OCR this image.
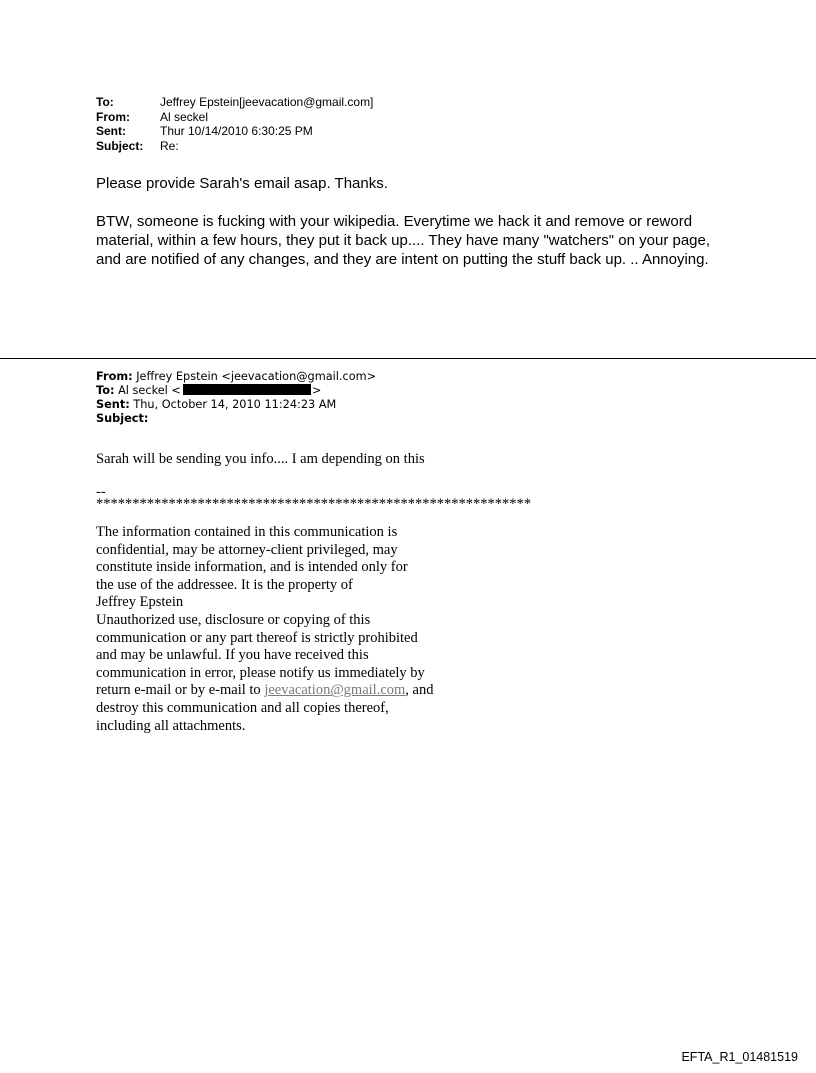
To:	Jeffrey Epstein[jeevacation@gmail.com]
From:	Al seckel
Sent:	Thur 10/14/2010 6:30:25 PM
Subject:	Re:

Please provide Sarah's email asap. Thanks.

BTW, someone is fucking with your wikipedia. Everytime we hack it and remove or reword material, within a few hours, they put it back up.... They have many "watchers" on your page, and are notified of any changes, and they are intent on putting the stuff back up. .. Annoying.

From: Jeffrey Epstein <jeevacation@gmail.com>
To: Al seckel <	>
Sent: Thu, October 14, 2010 11:24:23 AM
Subject:

Sarah will be sending you info.... I am depending on this

--
************************************************************
The information contained in this communication is
confidential, may be attorney-client privileged, may
constitute inside information, and is intended only for
the use of the addressee. It is the property of
Jeffrey Epstein
Unauthorized use, disclosure or copying of this
communication or any part thereof is strictly prohibited
and may be unlawful. If you have received this
communication in error, please notify us immediately by
return e-mail or by e-mail to jeevacation@gmail.com, and
destroy this communication and all copies thereof,
including all attachments.
EFTA_R1_01481519
